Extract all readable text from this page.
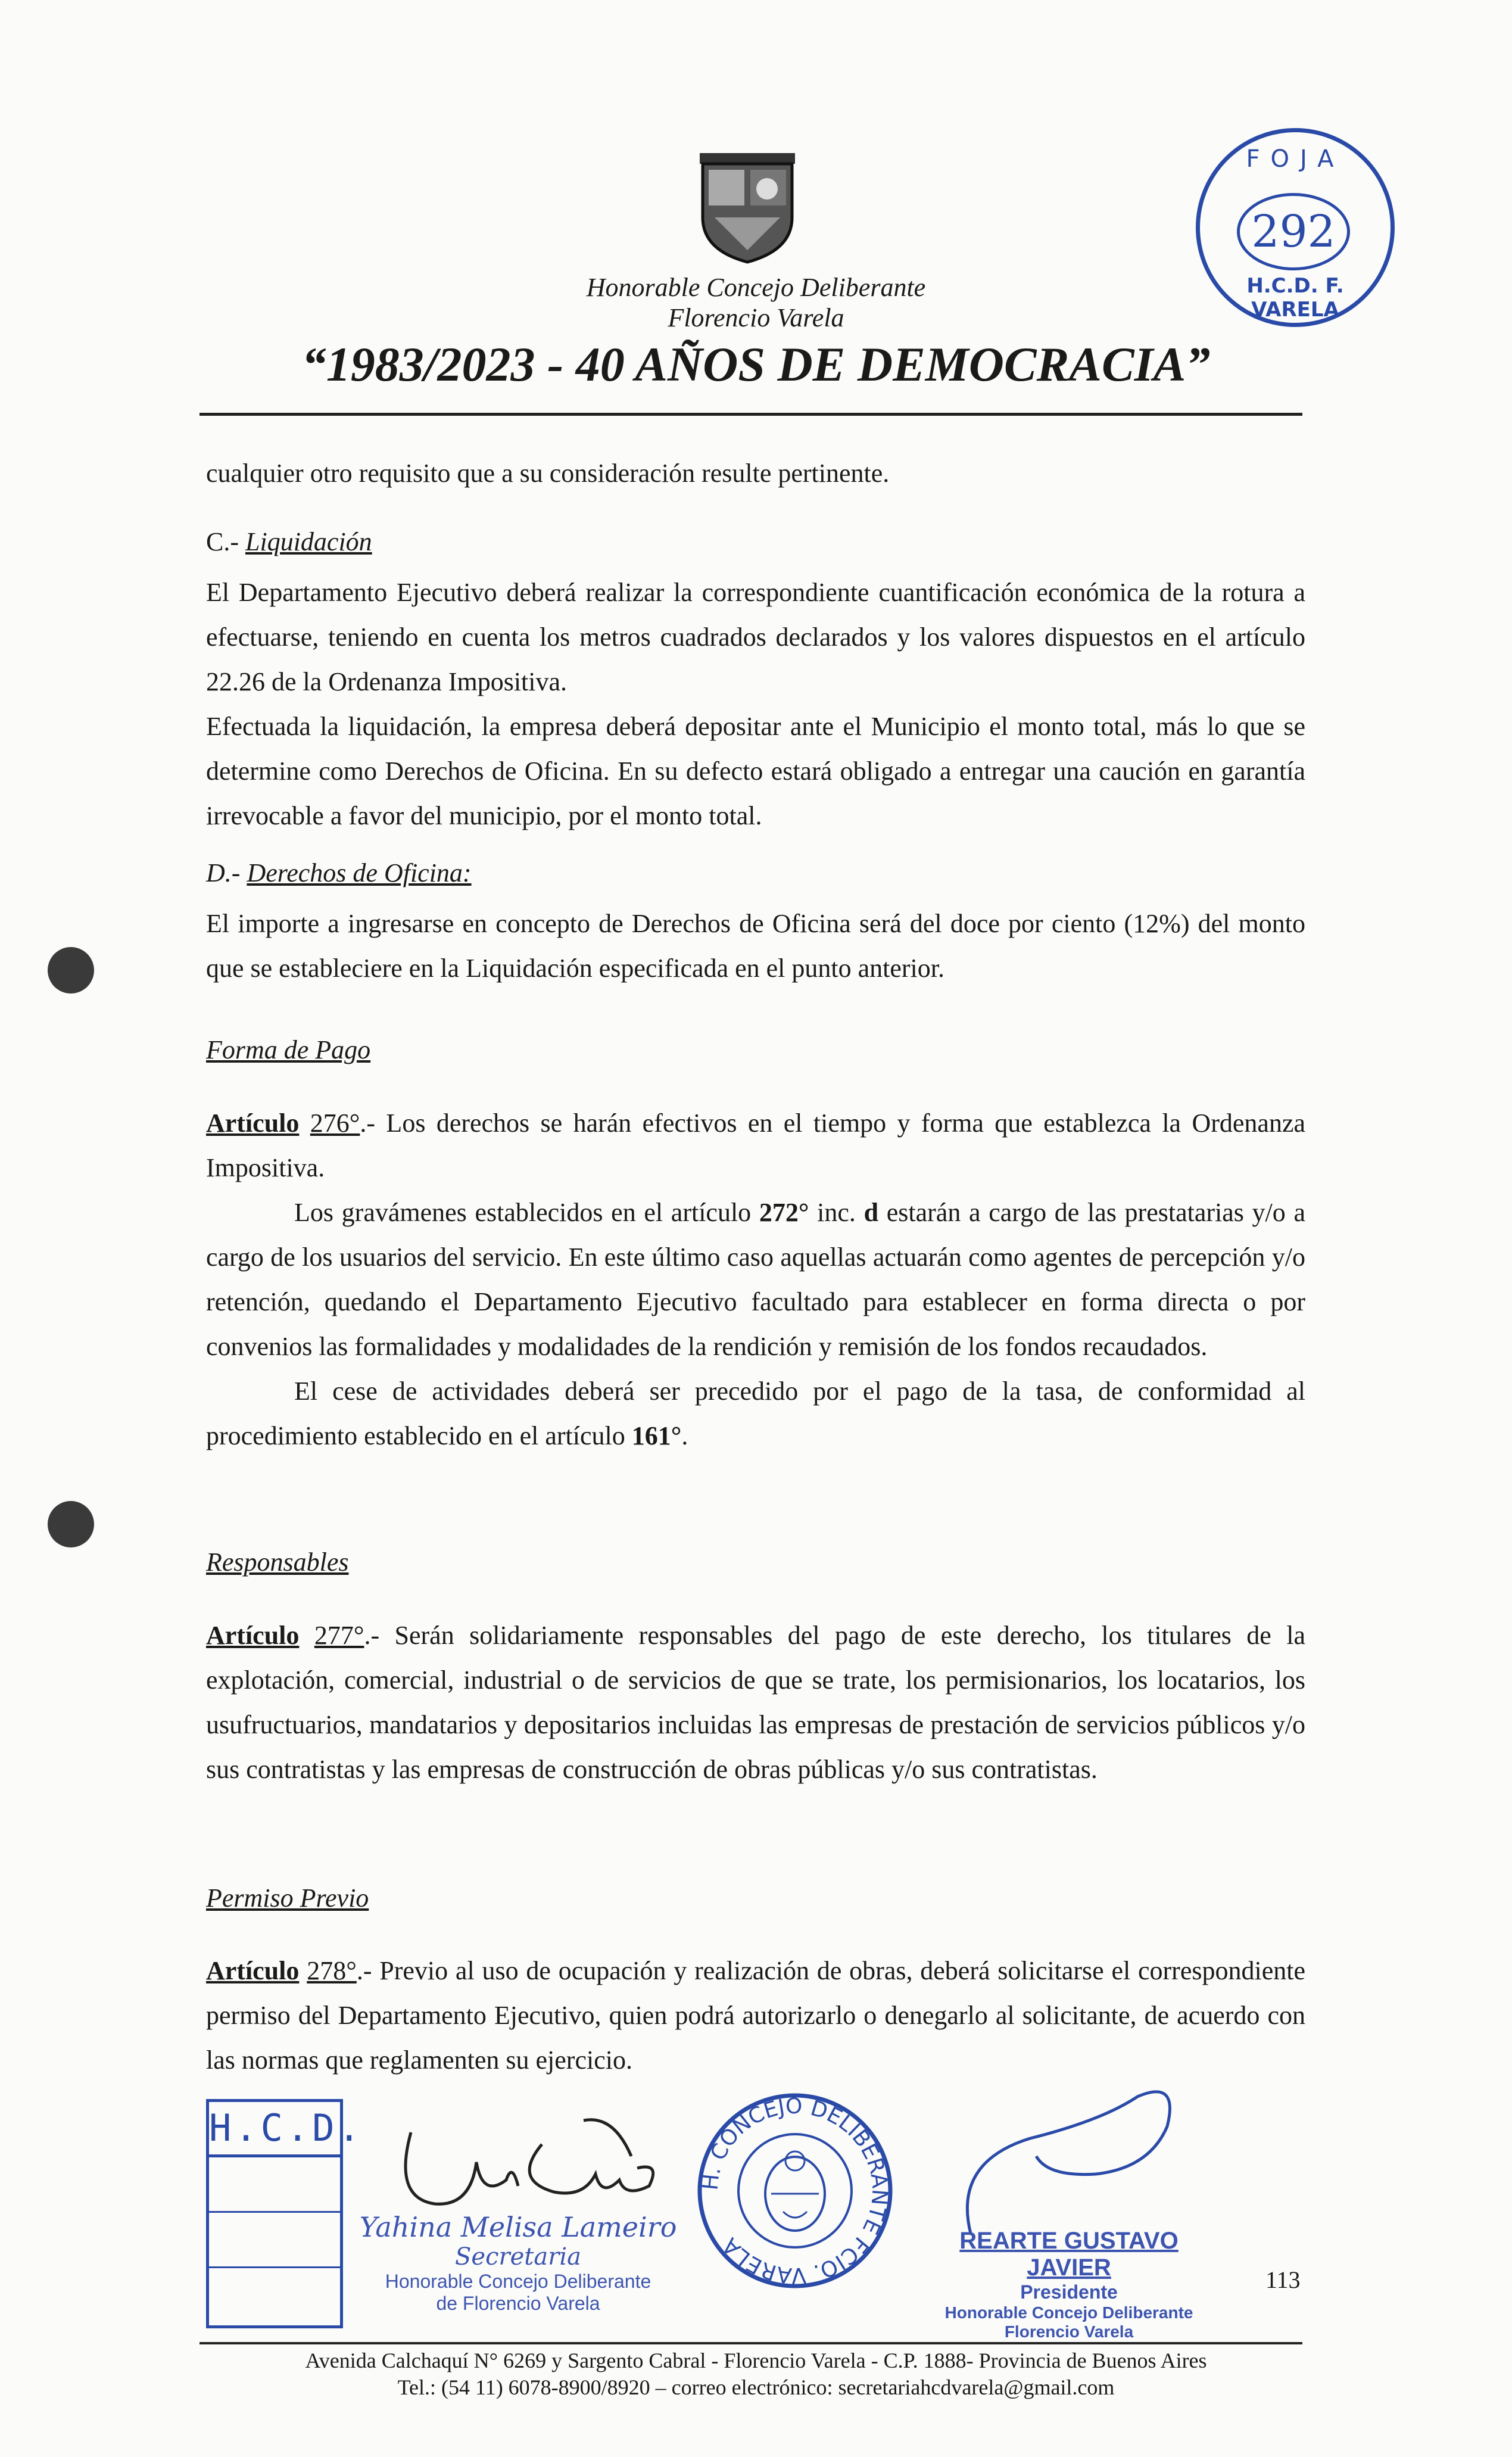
Honorable Concejo Deliberante
Florencio Varela
“1983/2023 - 40 AÑOS DE DEMOCRACIA”
FOJA
292
H.C.D. F. VARELA

cualquier otro requisito que a su consideración resulte pertinente.

C.- Liquidación

El Departamento Ejecutivo deberá realizar la correspondiente cuantificación económica de la rotura a efectuarse, teniendo en cuenta los metros cuadrados declarados y los valores dispuestos en el artículo 22.26 de la Ordenanza Impositiva.

Efectuada la liquidación, la empresa deberá depositar ante el Municipio el monto total, más lo que se determine como Derechos de Oficina. En su defecto estará obligado a entregar una caución en garantía irrevocable a favor del municipio, por el monto total.

D.- Derechos de Oficina:

El importe a ingresarse en concepto de Derechos de Oficina será del doce por ciento (12%) del monto que se estableciere en la Liquidación especificada en el punto anterior.

Forma de Pago

Artículo 276°.- Los derechos se harán efectivos en el tiempo y forma que establezca la Ordenanza Impositiva.

Los gravámenes establecidos en el artículo 272° inc. d estarán a cargo de las prestatarias y/o a cargo de los usuarios del servicio. En este último caso aquellas actuarán como agentes de percepción y/o retención, quedando el Departamento Ejecutivo facultado para establecer en forma directa o por convenios las formalidades y modalidades de la rendición y remisión de los fondos recaudados.

El cese de actividades deberá ser precedido por el pago de la tasa, de conformidad al procedimiento establecido en el artículo 161°.

Responsables

Artículo 277°.- Serán solidariamente responsables del pago de este derecho, los titulares de la explotación, comercial, industrial o de servicios de que se trate, los permisionarios, los locatarios, los usufructuarios, mandatarios y depositarios incluidas las empresas de prestación de servicios públicos y/o sus contratistas y las empresas de construcción de obras públicas y/o sus contratistas.

Permiso Previo

Artículo 278°.- Previo al uso de ocupación y realización de obras, deberá solicitarse el correspondiente permiso del Departamento Ejecutivo, quien podrá autorizarlo o denegarlo al solicitante, de acuerdo con las normas que reglamenten su ejercicio.

H.C.D.
Yahina Melisa Lameiro
Secretaria
Honorable Concejo Deliberante
de Florencio Varela
H. CONCEJO DELIBERANTE FCIO. VARELA	REARTE GUSTAVO JAVIER
Presidente
Honorable Concejo Deliberante
Florencio Varela
113
Avenida Calchaquí N° 6269 y Sargento Cabral - Florencio Varela - C.P. 1888- Provincia de Buenos Aires
Tel.: (54 11) 6078-8900/8920 – correo electrónico: secretariahcdvarela@gmail.com
